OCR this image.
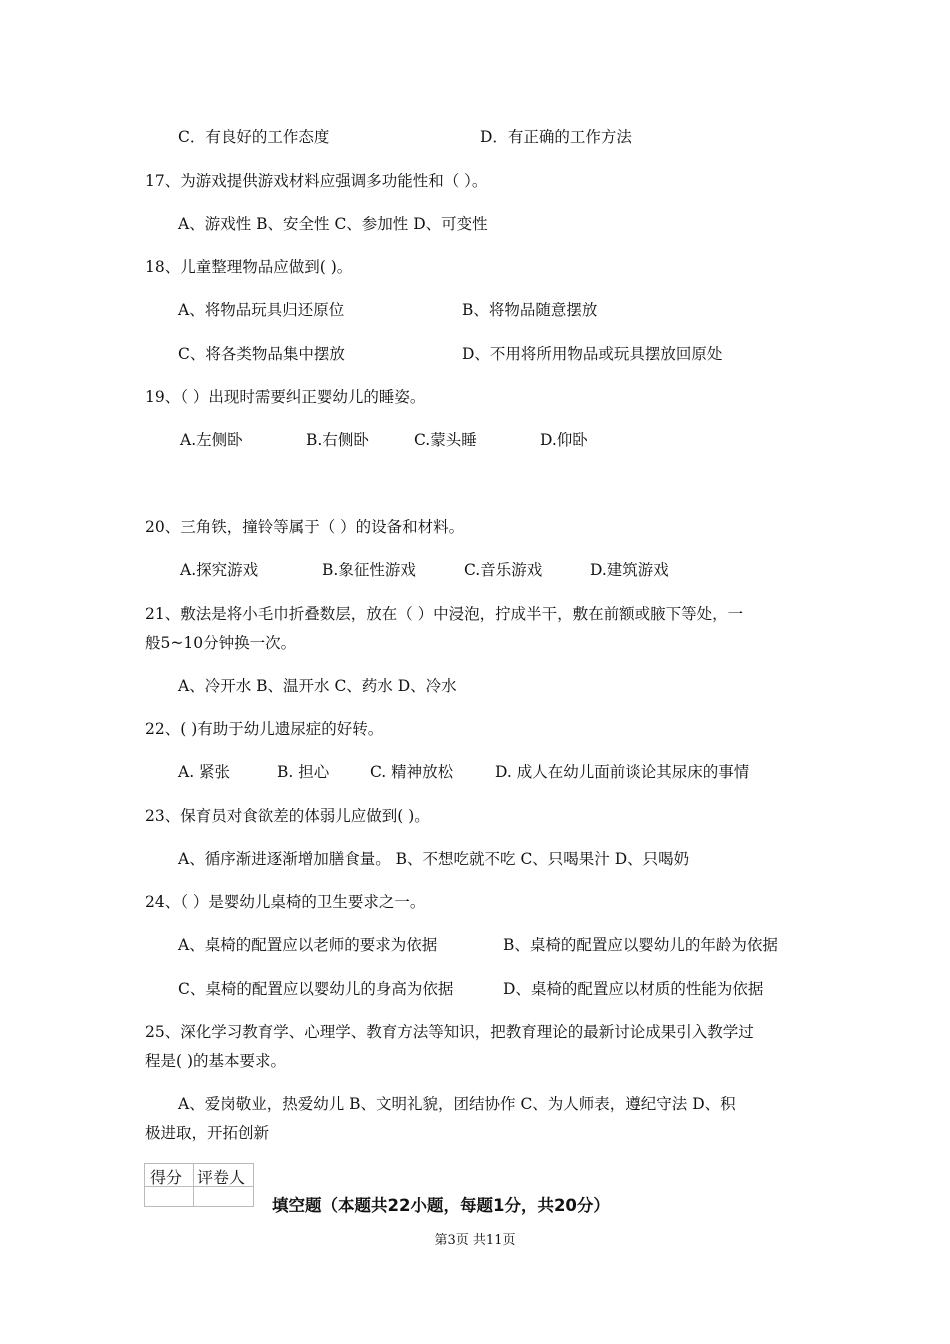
C．有良好的工作态度	D．有正确的工作方法
17、为游戏提供游戏材料应强调多功能性和（ ）。
A、游戏性 B、安全性 C、参加性 D、可变性
18、儿童整理物品应做到( )。
A、将物品玩具归还原位	B、将物品随意摆放
C、将各类物品集中摆放	D、不用将所用物品或玩具摆放回原处
19、（ ）出现时需要纠正婴幼儿的睡姿。
A.左侧卧	B.右侧卧	C.蒙头睡	D.仰卧
20、三角铁，撞铃等属于（ ）的设备和材料。
A.探究游戏	B.象征性游戏	C.音乐游戏	D.建筑游戏
21、敷法是将小毛巾折叠数层，放在（ ）中浸泡，拧成半干，敷在前额或腋下等处，一
般5~10分钟换一次。
A、冷开水 B、温开水 C、药水 D、冷水
22、( )有助于幼儿遗尿症的好转。
A. 紧张	B. 担心	C. 精神放松	D. 成人在幼儿面前谈论其尿床的事情
23、保育员对食欲差的体弱儿应做到( )。
A、循序渐进逐渐增加膳食量。 B、不想吃就不吃 C、只喝果汁 D、只喝奶
24、（ ）是婴幼儿桌椅的卫生要求之一。
A、桌椅的配置应以老师的要求为依据	B、桌椅的配置应以婴幼儿的年龄为依据
C、桌椅的配置应以婴幼儿的身高为依据	D、桌椅的配置应以材质的性能为依据
25、深化学习教育学、心理学、教育方法等知识，把教育理论的最新讨论成果引入教学过
程是( )的基本要求。
A、爱岗敬业，热爱幼儿 B、文明礼貌，团结协作 C、为人师表，遵纪守法 D、积
极进取，开拓创新
得分 评卷人
填空题（本题共22小题，每题1分，共20分）
第3页 共11页
